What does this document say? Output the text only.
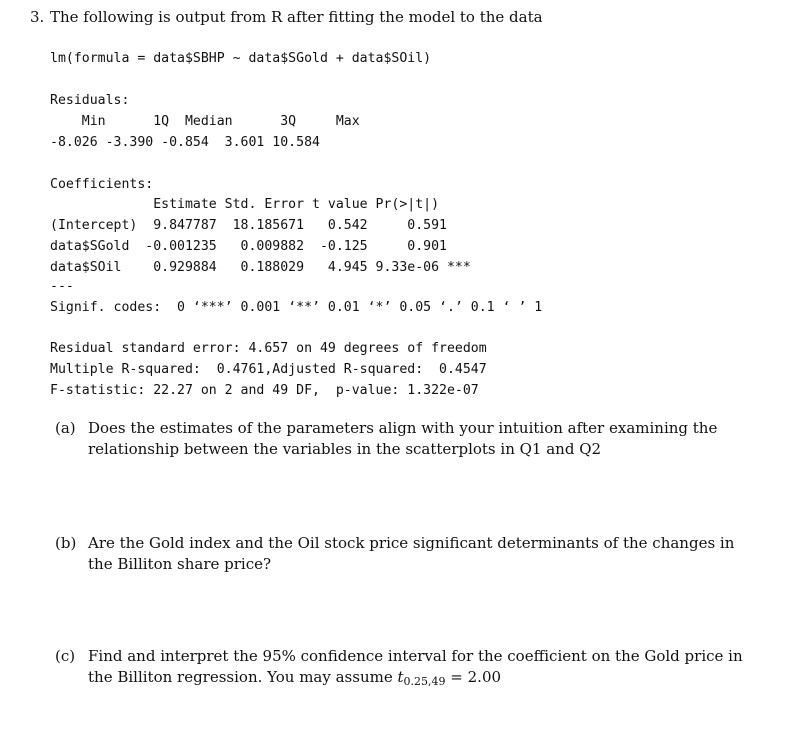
3. The following is output from R after fitting the model to the data
lm(formula = data$SBHP ~ data$SGold + data$SOil)
Residuals:
Min      1Q  Median      3Q     Max
-8.026 -3.390 -0.854  3.601 10.584
Coefficients:
Estimate Std. Error t value Pr(>|t|)
(Intercept)  9.847787  18.185671   0.542     0.591
data$SGold  -0.001235   0.009882  -0.125     0.901
data$SOil    0.929884   0.188029   4.945 9.33e-06 ***
---
Signif. codes:  0 ‘***’ 0.001 ‘**’ 0.01 ‘*’ 0.05 ‘.’ 0.1 ‘ ’ 1
Residual standard error: 4.657 on 49 degrees of freedom
Multiple R-squared:  0.4761,Adjusted R-squared:  0.4547
F-statistic: 22.27 on 2 and 49 DF,  p-value: 1.322e-07
(a) Does the estimates of the parameters align with your intuition after examining the relationship between the variables in the scatterplots in Q1 and Q2
(b) Are the Gold index and the Oil stock price significant determinants of the changes in the Billiton share price?
(c) Find and interpret the 95% confidence interval for the coefficient on the Gold price in the Billiton regression. You may assume $t_{0.25,49} = 2.00$
